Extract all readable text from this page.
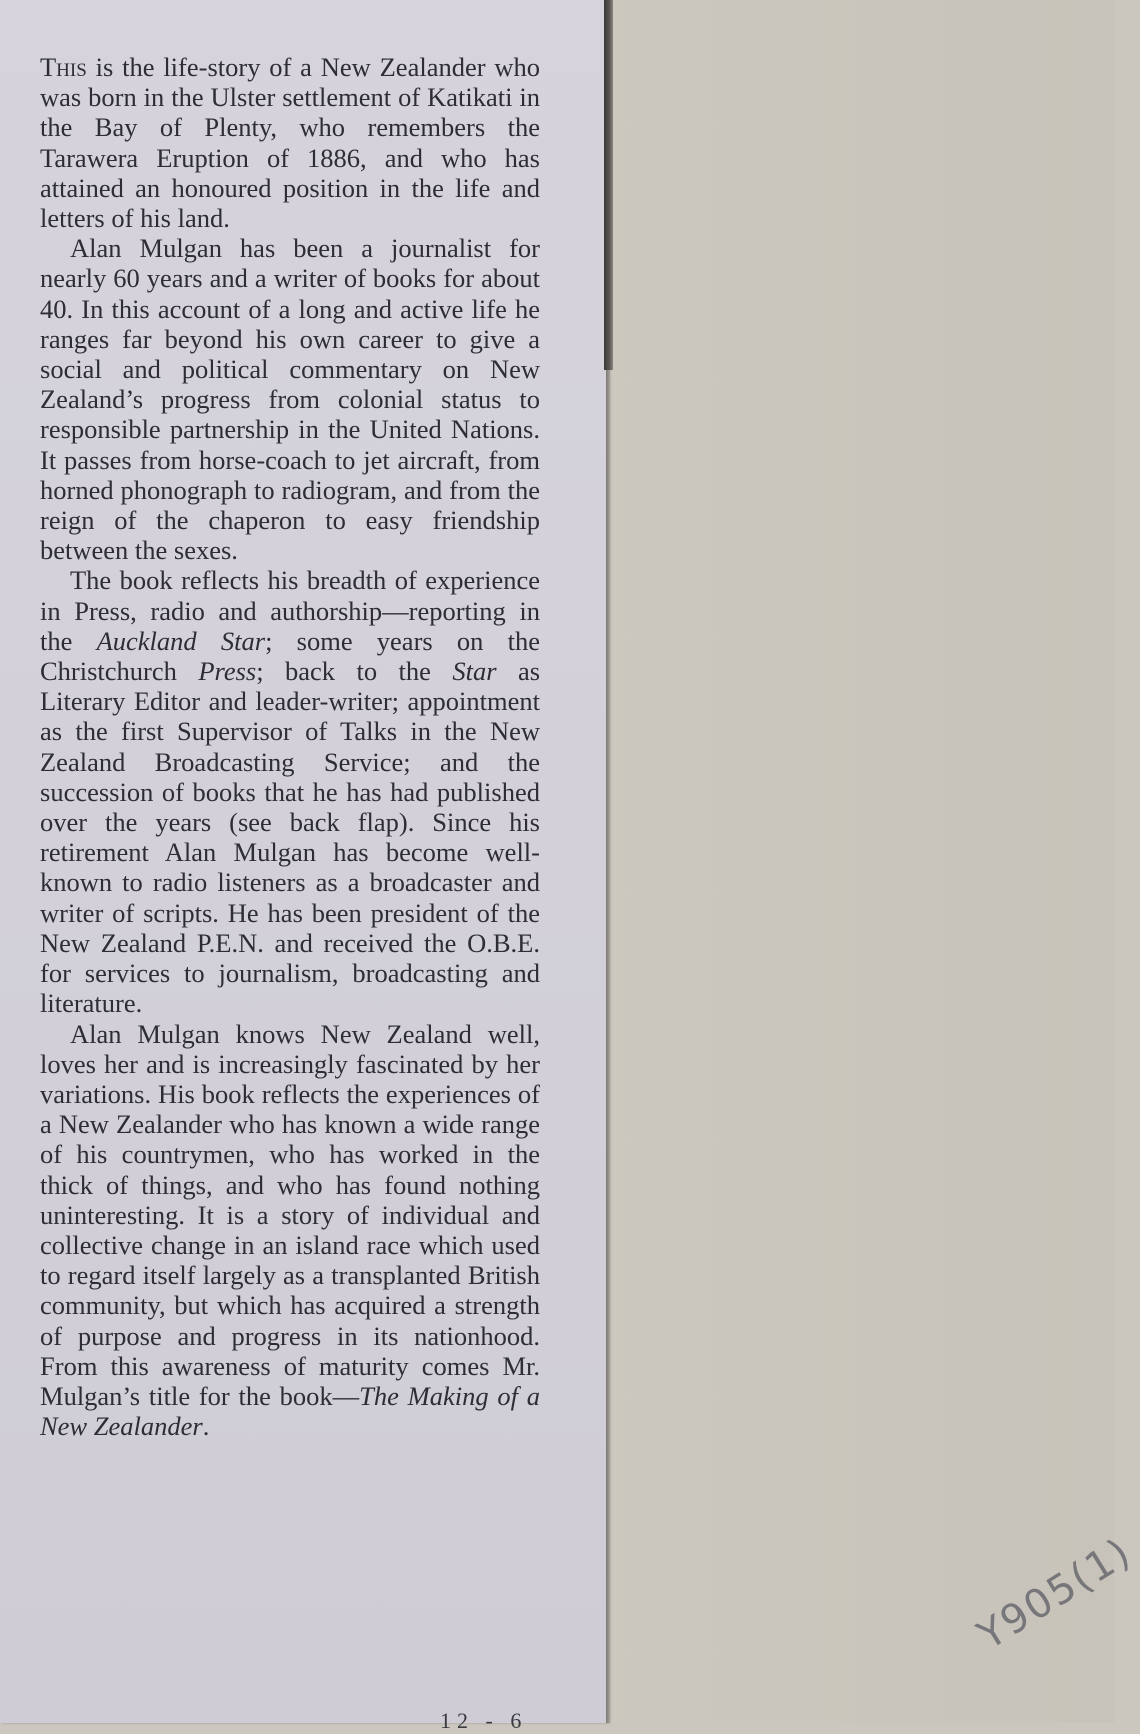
This is the life-story of a New Zealander who was born in the Ulster settlement of Katikati in the Bay of Plenty, who remembers the Tarawera Eruption of 1886, and who has attained an honoured position in the life and letters of his land.

Alan Mulgan has been a journalist for nearly 60 years and a writer of books for about 40. In this account of a long and active life he ranges far beyond his own career to give a social and political commentary on New Zealand’s progress from colonial status to responsible partnership in the United Nations. It passes from horse-coach to jet aircraft, from horned phonograph to radiogram, and from the reign of the chaperon to easy friendship between the sexes.

The book reflects his breadth of experience in Press, radio and authorship—reporting in the Auckland Star; some years on the Christchurch Press; back to the Star as Literary Editor and leader-writer; appointment as the first Supervisor of Talks in the New Zealand Broadcasting Service; and the succession of books that he has had published over the years (see back flap). Since his retirement Alan Mulgan has become well-known to radio listeners as a broadcaster and writer of scripts. He has been president of the New Zealand P.E.N. and received the O.B.E. for services to journalism, broadcasting and literature.

Alan Mulgan knows New Zealand well, loves her and is increasingly fascinated by her variations. His book reflects the experiences of a New Zealander who has known a wide range of his countrymen, who has worked in the thick of things, and who has found nothing uninteresting. It is a story of individual and collective change in an island race which used to regard itself largely as a transplanted British community, but which has acquired a strength of purpose and progress in its nationhood. From this awareness of maturity comes Mr. Mulgan’s title for the book—The Making of a New Zealander.

Y905(1)
12 - 6
